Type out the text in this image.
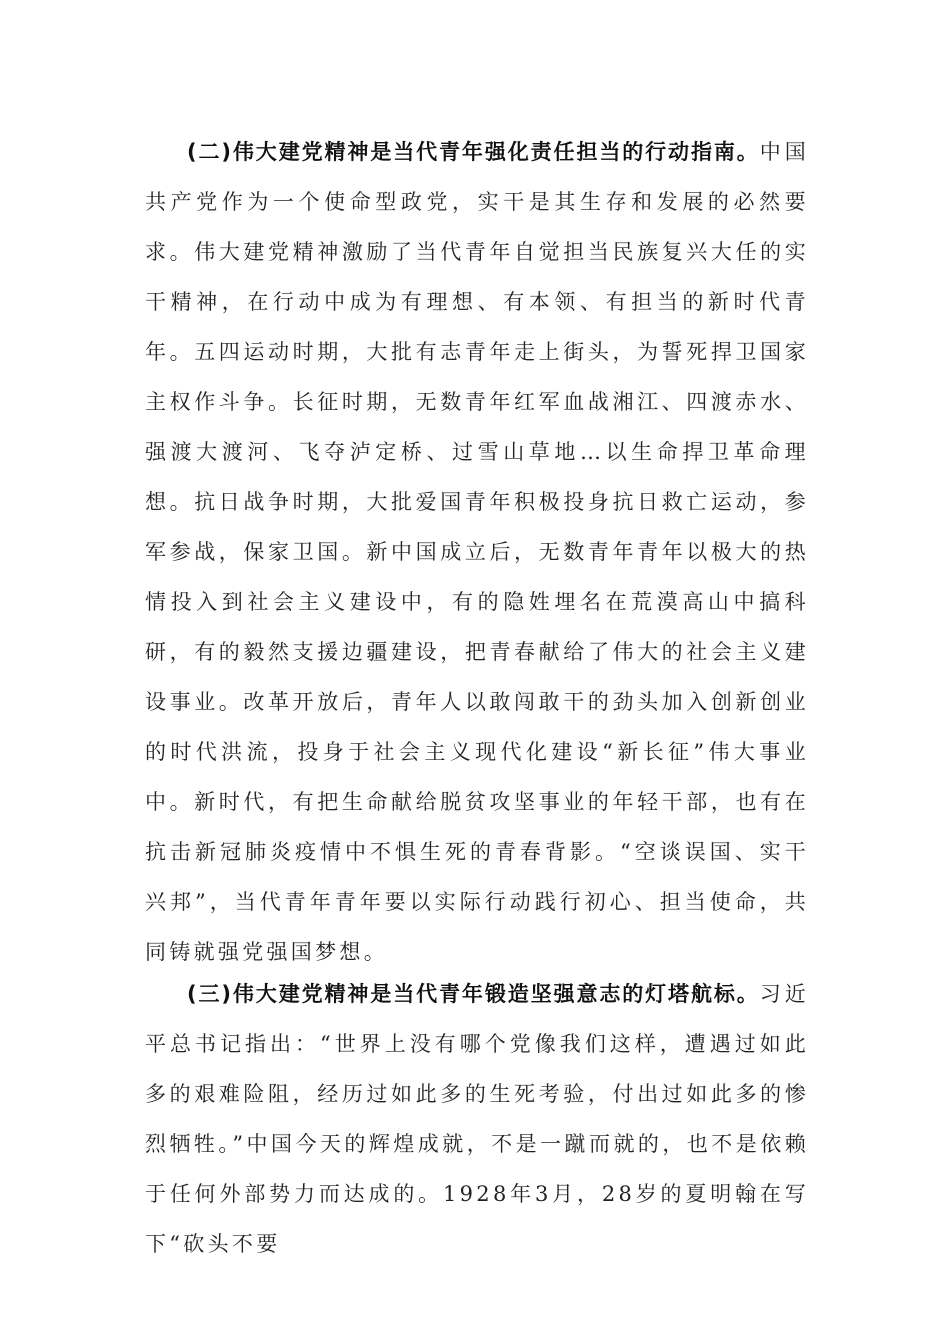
(二)伟大建党精神是当代青年强化责任担当的行动指南。中国共产党作为一个使命型政党，实干是其生存和发展的必然要求。伟大建党精神激励了当代青年自觉担当民族复兴大任的实干精神，在行动中成为有理想、有本领、有担当的新时代青年。五四运动时期，大批有志青年走上街头，为誓死捍卫国家主权作斗争。长征时期，无数青年红军血战湘江、四渡赤水、强渡大渡河、飞夺泸定桥、过雪山草地…以生命捍卫革命理想。抗日战争时期，大批爱国青年积极投身抗日救亡运动，参军参战，保家卫国。新中国成立后，无数青年青年以极大的热情投入到社会主义建设中，有的隐姓埋名在荒漠高山中搞科研，有的毅然支援边疆建设，把青春献给了伟大的社会主义建设事业。改革开放后，青年人以敢闯敢干的劲头加入创新创业的时代洪流，投身于社会主义现代化建设“新长征”伟大事业中。新时代，有把生命献给脱贫攻坚事业的年轻干部，也有在抗击新冠肺炎疫情中不惧生死的青春背影。“空谈误国、实干兴邦”，当代青年青年要以实际行动践行初心、担当使命，共同铸就强党强国梦想。
(三)伟大建党精神是当代青年锻造坚强意志的灯塔航标。习近平总书记指出：“世界上没有哪个党像我们这样，遭遇过如此多的艰难险阻，经历过如此多的生死考验，付出过如此多的惨烈牺牲。”中国今天的辉煌成就，不是一蹴而就的，也不是依赖于任何外部势力而达成的。1928年3月，28岁的夏明翰在写下“砍头不要
